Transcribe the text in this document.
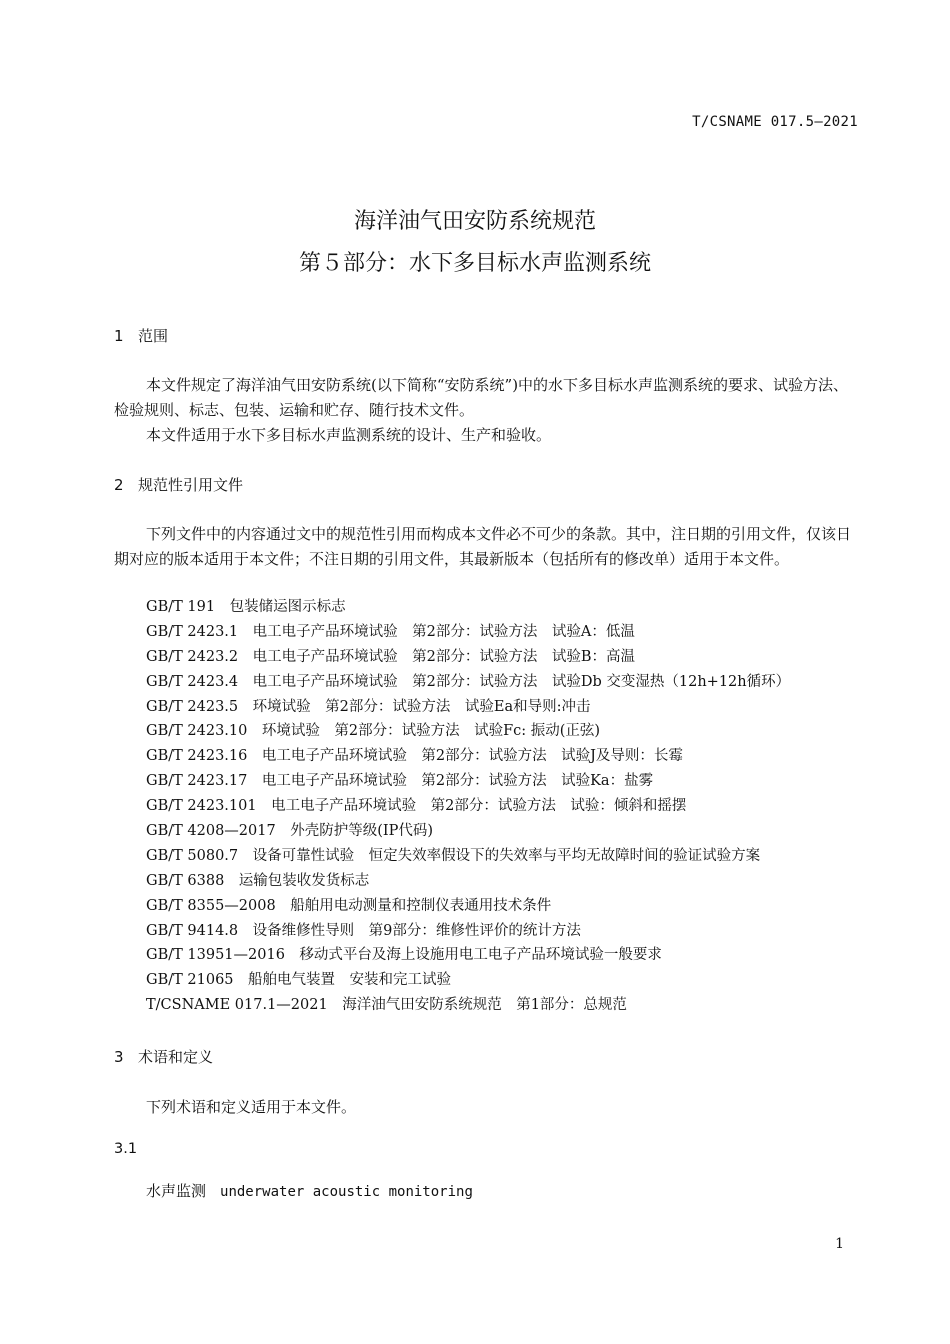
T/CSNAME 017.5—2021
海洋油气田安防系统规范
第５部分：水下多目标水声监测系统
1 范围
本文件规定了海洋油气田安防系统(以下简称“安防系统”)中的水下多目标水声监测系统的要求、试验方法、检验规则、标志、包装、运输和贮存、随行技术文件。
本文件适用于水下多目标水声监测系统的设计、生产和验收。
2 规范性引用文件
下列文件中的内容通过文中的规范性引用而构成本文件必不可少的条款。其中，注日期的引用文件，仅该日期对应的版本适用于本文件；不注日期的引用文件，其最新版本（包括所有的修改单）适用于本文件。
GB/T 191　包装储运图示标志
GB/T 2423.1　电工电子产品环境试验　第2部分：试验方法　试验A：低温
GB/T 2423.2　电工电子产品环境试验　第2部分：试验方法　试验B：高温
GB/T 2423.4　电工电子产品环境试验　第2部分：试验方法　试验Db 交变湿热（12h+12h循环）
GB/T 2423.5　环境试验　第2部分：试验方法　试验Ea和导则:冲击
GB/T 2423.10　环境试验　第2部分：试验方法　试验Fc: 振动(正弦)
GB/T 2423.16　电工电子产品环境试验　第2部分：试验方法　试验J及导则：长霉
GB/T 2423.17　电工电子产品环境试验　第2部分：试验方法　试验Ka：盐雾
GB/T 2423.101　电工电子产品环境试验　第2部分：试验方法　试验：倾斜和摇摆
GB/T 4208—2017　外壳防护等级(IP代码)
GB/T 5080.7　设备可靠性试验　恒定失效率假设下的失效率与平均无故障时间的验证试验方案
GB/T 6388　运输包装收发货标志
GB/T 8355—2008　船舶用电动测量和控制仪表通用技术条件
GB/T 9414.8　设备维修性导则　第9部分：维修性评价的统计方法
GB/T 13951—2016　移动式平台及海上设施用电工电子产品环境试验一般要求
GB/T 21065　船舶电气装置　安装和完工试验
T/CSNAME 017.1—2021　海洋油气田安防系统规范　第1部分：总规范
3 术语和定义
下列术语和定义适用于本文件。
3.1
水声监测 underwater acoustic monitoring
1
